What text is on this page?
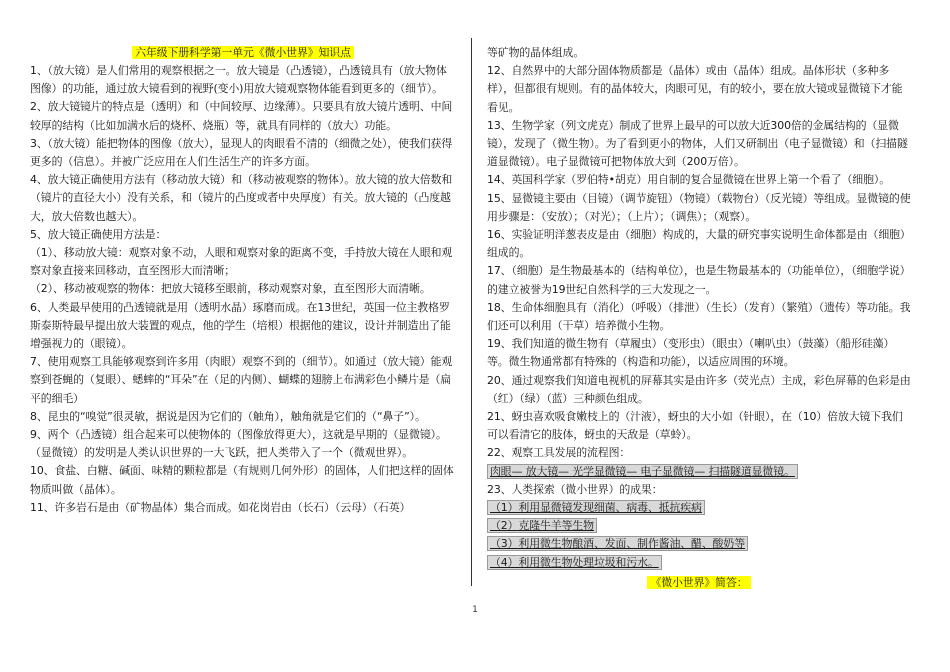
六年级下册科学第一单元《微小世界》知识点

1、（放大镜）是人们常用的观察根据之一。放大镜是（凸透镜），凸透镜具有（放大物体图像）的功能，通过放大镜看到的视野(变小)用放大镜观察物体能看到更多的（细节）。

2、放大镜镜片的特点是（透明）和（中间较厚、边缘薄）。只要具有放大镜片透明、中间较厚的结构（比如加满水后的烧杯、烧瓶）等，就具有同样的（放大）功能。

3、（放大镜）能把物体的图像（放大），显现人的肉眼看不清的（细微之处），使我们获得更多的（信息）。并被广泛应用在人们生活生产的许多方面。

4、放大镜正确使用方法有（移动放大镜）和（移动被观察的物体）。放大镜的放大倍数和（镜片的直径大小）没有关系，和（镜片的凸度或者中央厚度）有关。放大镜的（凸度越大，放大倍数也越大）。

5、放大镜正确使用方法是：

（1）、移动放大镜：观察对象不动，人眼和观察对象的距离不变，手持放大镜在人眼和观察对象直接来回移动，直至图形大而清晰；

（2）、移动被观察的物体：把放大镜移至眼前，移动观察对象，直至图形大而清晰。

6、人类最早使用的凸透镜就是用（透明水晶）琢磨而成。在13世纪，英国一位主教格罗斯泰斯特最早提出放大装置的观点，他的学生（培根）根据他的建议，设计并制造出了能增强视力的（眼镜）。

7、使用观察工具能够观察到许多用（肉眼）观察不到的（细节）。如通过（放大镜）能观察到苍蝇的（复眼）、蟋蟀的“耳朵”在（足的内侧）、蝴蝶的翅膀上布满彩色小鳞片是（扁平的细毛）

8、昆虫的“嗅觉”很灵敏，据说是因为它们的（触角），触角就是它们的（“鼻子”）。

9、两个（凸透镜）组合起来可以使物体的（图像放得更大），这就是早期的（显微镜）。（显微镜）的发明是人类认识世界的一大飞跃，把人类带入了一个（微观世界）。

10、食盐、白糖、碱面、味精的颗粒都是（有规则几何外形）的固体，人们把这样的固体物质叫做（晶体）。

11、许多岩石是由（矿物晶体）集合而成。如花岗岩由（长石）（云母）（石英）

等矿物的晶体组成。

12、自然界中的大部分固体物质都是（晶体）或由（晶体）组成。晶体形状（多种多样），但都很有规则。有的晶体较大，肉眼可见，有的较小，要在放大镜或显微镜下才能看见。

13、生物学家（列文虎克）制成了世界上最早的可以放大近300倍的金属结构的（显微镜），发现了（微生物）。为了看到更小的物体，人们又研制出（电子显微镜）和（扫描隧道显微镜）。电子显微镜可把物体放大到（200万倍）。

14、英国科学家（罗伯特•胡克）用自制的复合显微镜在世界上第一个看了（细胞）。

15、显微镜主要由（目镜）（调节旋钮）（物镜）（载物台）（反光镜）等组成。显微镜的使用步骤是：（安放）；（对光）；（上片）；（调焦）；（观察）。

16、实验证明洋葱表皮是由（细胞）构成的，大量的研究事实说明生命体都是由（细胞）组成的。

17、（细胞）是生物最基本的（结构单位），也是生物最基本的（功能单位），（细胞学说）的建立被誉为19世纪自然科学的三大发现之一。

18、生命体细胞具有（消化）（呼吸）（排泄）（生长）（发育）（繁殖）（遗传）等功能。我们还可以利用（干草）培养微小生物。

19、我们知道的微生物有（草履虫）（变形虫）（眼虫）（喇叭虫）（鼓藻）（船形硅藻）等。微生物通常都有特殊的（构造和功能），以适应周围的环境。

20、通过观察我们知道电视机的屏幕其实是由许多（荧光点）主成，彩色屏幕的色彩是由（红）（绿）（蓝）三种颜色组成。

21、蚜虫喜欢吸食嫩枝上的（汁液），蚜虫的大小如（针眼），在（10）倍放大镜下我们可以看清它的肢体，蚜虫的天敌是（草蛉）。

22、观察工具发展的流程图：

肉眼— 放大镜— 光学显微镜— 电子显微镜— 扫描隧道显微镜。

23、人类探索（微小世界）的成果：

（1）利用显微镜发现细菌、病毒、抵抗疾病

（2）克隆牛羊等生物

（3）利用微生物酿酒、发面、制作酱油、醋、酸奶等

（4）利用微生物处理垃圾和污水。

《微小世界》简答：
1
